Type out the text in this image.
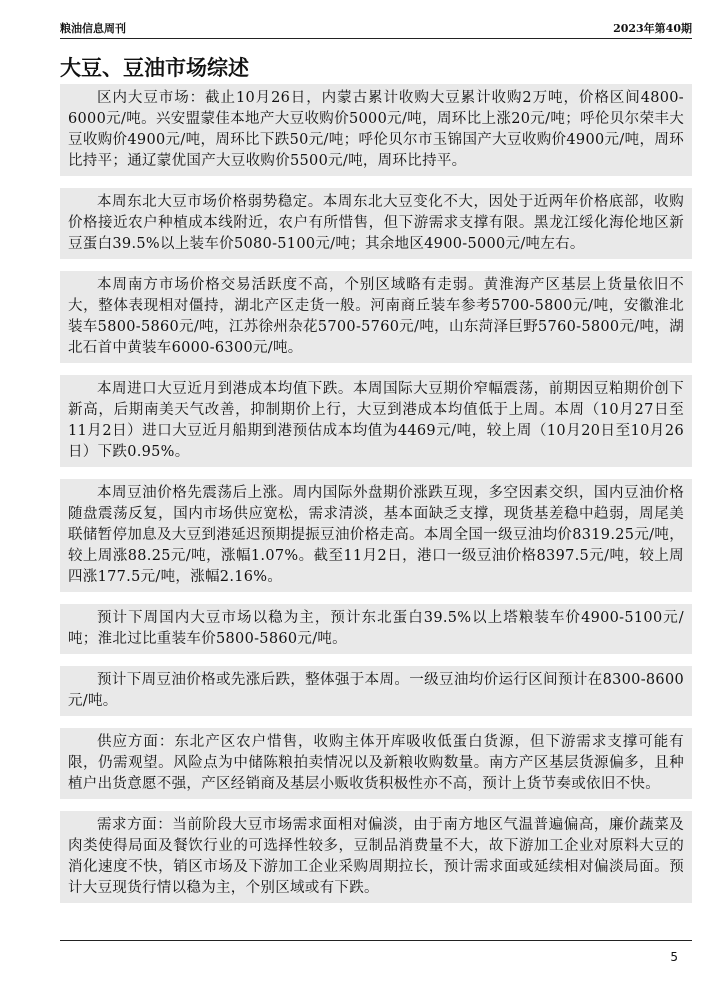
粮油信息周刊	2023年第40期
大豆、豆油市场综述

区内大豆市场：截止10月26日，内蒙古累计收购大豆累计收购2万吨，价格区间4800-6000元/吨。兴安盟蒙佳本地产大豆收购价5000元/吨，周环比上涨20元/吨；呼伦贝尔荣丰大豆收购价4900元/吨，周环比下跌50元/吨；呼伦贝尔市玉锦国产大豆收购价4900元/吨，周环比持平；通辽蒙优国产大豆收购价5500元/吨，周环比持平。

本周东北大豆市场价格弱势稳定。本周东北大豆变化不大，因处于近两年价格底部，收购价格接近农户种植成本线附近，农户有所惜售，但下游需求支撑有限。黑龙江绥化海伦地区新豆蛋白39.5%以上装车价5080-5100元/吨；其余地区4900-5000元/吨左右。

本周南方市场价格交易活跃度不高，个别区域略有走弱。黄淮海产区基层上货量依旧不大，整体表现相对僵持，湖北产区走货一般。河南商丘装车参考5700-5800元/吨，安徽淮北装车5800-5860元/吨，江苏徐州杂花5700-5760元/吨，山东菏泽巨野5760-5800元/吨，湖北石首中黄装车6000-6300元/吨。

本周进口大豆近月到港成本均值下跌。本周国际大豆期价窄幅震荡，前期因豆粕期价创下新高，后期南美天气改善，抑制期价上行，大豆到港成本均值低于上周。本周（10月27日至11月2日）进口大豆近月船期到港预估成本均值为4469元/吨，较上周（10月20日至10月26日）下跌0.95%。

本周豆油价格先震荡后上涨。周内国际外盘期价涨跌互现，多空因素交织，国内豆油价格随盘震荡反复，国内市场供应宽松，需求清淡，基本面缺乏支撑，现货基差稳中趋弱，周尾美联储暂停加息及大豆到港延迟预期提振豆油价格走高。本周全国一级豆油均价8319.25元/吨，较上周涨88.25元/吨，涨幅1.07%。截至11月2日，港口一级豆油价格8397.5元/吨，较上周四涨177.5元/吨，涨幅2.16%。

预计下周国内大豆市场以稳为主，预计东北蛋白39.5%以上塔粮装车价4900-5100元/吨；淮北过比重装车价5800-5860元/吨。

预计下周豆油价格或先涨后跌，整体强于本周。一级豆油均价运行区间预计在8300-8600元/吨。

供应方面：东北产区农户惜售，收购主体开库吸收低蛋白货源，但下游需求支撑可能有限，仍需观望。风险点为中储陈粮拍卖情况以及新粮收购数量。南方产区基层货源偏多，且种植户出货意愿不强，产区经销商及基层小贩收货积极性亦不高，预计上货节奏或依旧不快。

需求方面：当前阶段大豆市场需求面相对偏淡，由于南方地区气温普遍偏高，廉价蔬菜及肉类使得局面及餐饮行业的可选择性较多，豆制品消费量不大，故下游加工企业对原料大豆的消化速度不快，销区市场及下游加工企业采购周期拉长，预计需求面或延续相对偏淡局面。预计大豆现货行情以稳为主，个别区域或有下跌。

5
